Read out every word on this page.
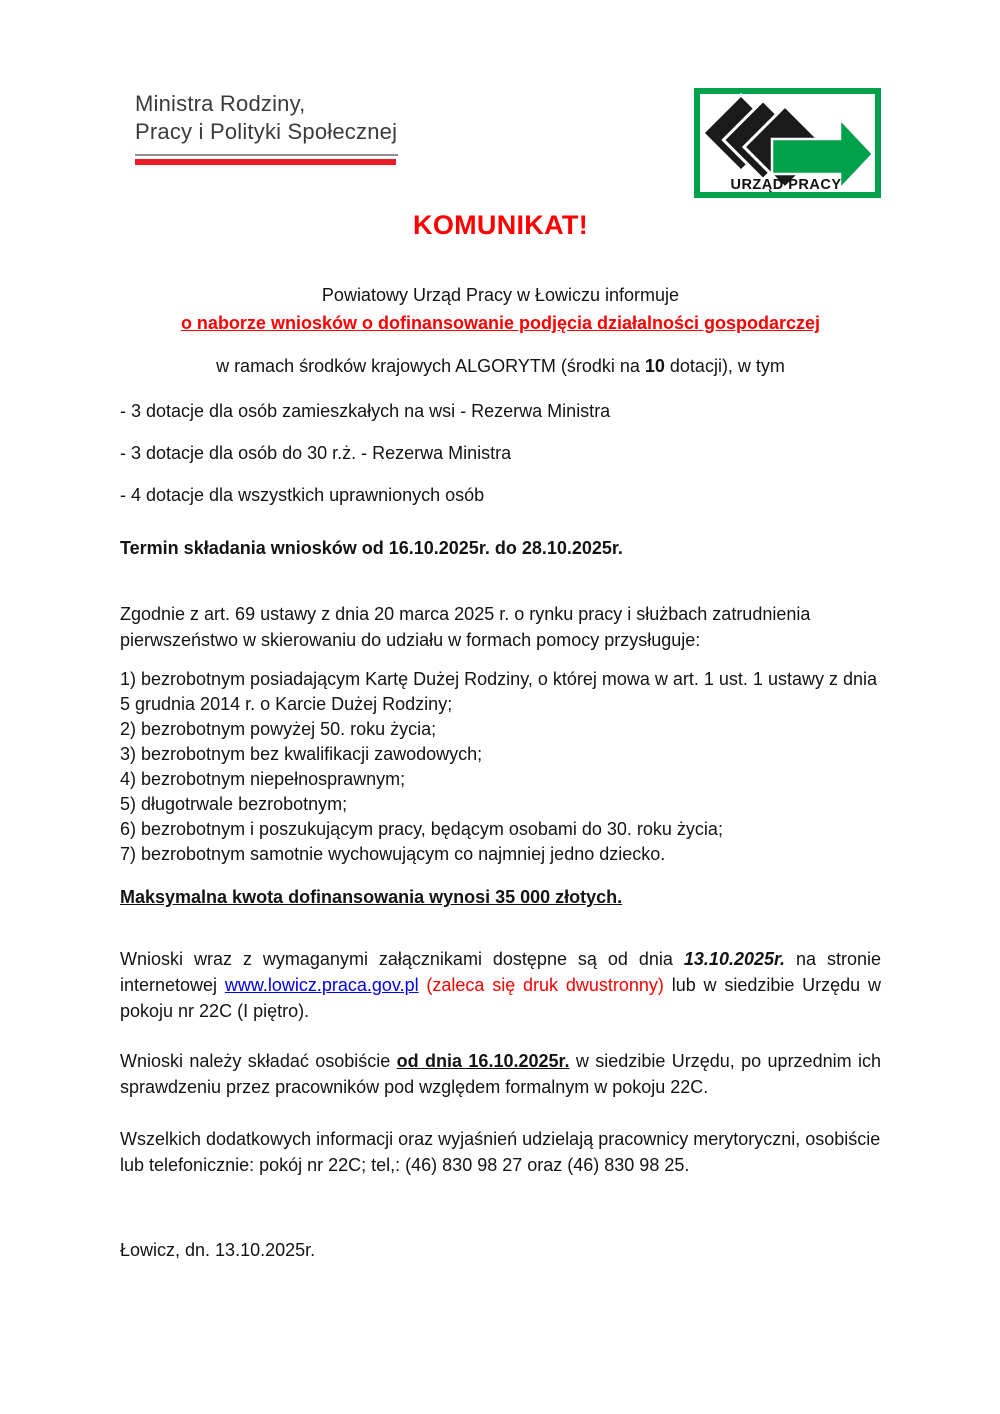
Ministra Rodziny,
Pracy i Polityki Społecznej
URZĄD PRACY
KOMUNIKAT!

Powiatowy Urząd Pracy w Łowiczu informuje

o naborze wniosków o dofinansowanie podjęcia działalności gospodarczej

w ramach środków krajowych ALGORYTM (środki na 10 dotacji), w tym

- 3 dotacje dla osób zamieszkałych na wsi - Rezerwa Ministra

- 3 dotacje dla osób do 30 r.ż. - Rezerwa Ministra

- 4 dotacje dla wszystkich uprawnionych osób

Termin składania wniosków od 16.10.2025r. do 28.10.2025r.

Zgodnie z art. 69 ustawy z dnia 20 marca 2025 r. o rynku pracy i służbach zatrudnienia pierwszeństwo w skierowaniu do udziału w formach pomocy przysługuje:

1) bezrobotnym posiadającym Kartę Dużej Rodziny, o której mowa w art. 1 ust. 1 ustawy z dnia 5 grudnia 2014 r. o Karcie Dużej Rodziny;
2) bezrobotnym powyżej 50. roku życia;
3) bezrobotnym bez kwalifikacji zawodowych;
4) bezrobotnym niepełnosprawnym;
5) długotrwale bezrobotnym;
6) bezrobotnym i poszukującym pracy, będącym osobami do 30. roku życia;
7) bezrobotnym samotnie wychowującym co najmniej jedno dziecko.

Maksymalna kwota dofinansowania wynosi 35 000 złotych.

Wnioski wraz z wymaganymi załącznikami dostępne są od dnia 13.10.2025r. na stronie internetowej www.lowicz.praca.gov.pl (zaleca się druk dwustronny) lub w siedzibie Urzędu w pokoju nr 22C (I piętro).

Wnioski należy składać osobiście od dnia 16.10.2025r. w siedzibie Urzędu, po uprzednim ich sprawdzeniu przez pracowników pod względem formalnym w pokoju 22C.

Wszelkich dodatkowych informacji oraz wyjaśnień udzielają pracownicy merytoryczni, osobiście lub telefonicznie: pokój nr 22C; tel,: (46) 830 98 27 oraz (46) 830 98 25.

Łowicz, dn. 13.10.2025r.
